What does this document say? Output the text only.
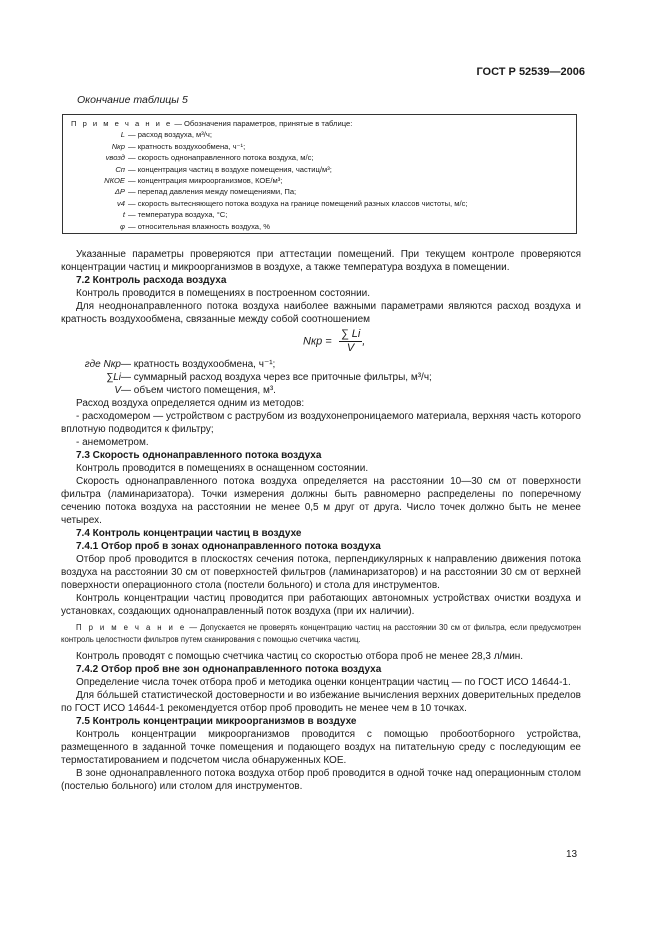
ГОСТ Р 52539—2006
Окончание таблицы 5
П р и м е ч а н и е — Обозначения параметров, принятые в таблице:
L — расход воздуха, м³/ч;
Nкр — кратность воздухообмена, ч⁻¹;
vвозд — скорость однонаправленного потока воздуха, м/с;
Cп — концентрация частиц в воздухе помещения, частиц/м³;
NКОЕ — концентрация микроорганизмов, КОЕ/м³;
ΔP — перепад давления между помещениями, Па;
v4 — скорость вытесняющего потока воздуха на границе помещений разных классов чистоты, м/с;
t — температура воздуха, °С;
φ — относительная влажность воздуха, %

Указанные параметры проверяются при аттестации помещений. При текущем контроле проверяются концентрации частиц и микроорганизмов в воздухе, а также температура воздуха в помещении.

7.2 Контроль расхода воздуха

Контроль проводится в помещениях в построенном состоянии.

Для неоднонаправленного потока воздуха наиболее важными параметрами являются расход воздуха и кратность воздухообмена, связанные между собой соотношением

Nкр = $\frac{\sum Li}{V}$ ,
где Nкр — кратность воздухообмена, ч⁻¹;
∑Li — суммарный расход воздуха через все приточные фильтры, м³/ч;
V — объем чистого помещения, м³.

Расход воздуха определяется одним из методов:

- расходомером — устройством с раструбом из воздухонепроницаемого материала, верхняя часть которого вплотную подводится к фильтру;

- анемометром.

7.3 Скорость однонаправленного потока воздуха

Контроль проводится в помещениях в оснащенном состоянии.

Скорость однонаправленного потока воздуха определяется на расстоянии 10—30 см от поверхности фильтра (ламинаризатора). Точки измерения должны быть равномерно распределены по поперечному сечению потока воздуха на расстоянии не менее 0,5 м друг от друга. Число точек должно быть не менее четырех.

7.4 Контроль концентрации частиц в воздухе

7.4.1 Отбор проб в зонах однонаправленного потока воздуха

Отбор проб проводится в плоскостях сечения потока, перпендикулярных к направлению движения потока воздуха на расстоянии 30 см от поверхностей фильтров (ламинаризаторов) и на расстоянии 30 см от верхней поверхности операционного стола (постели больного) и стола для инструментов.

Контроль концентрации частиц проводится при работающих автономных устройствах очистки воздуха и установках, создающих однонаправленный поток воздуха (при их наличии).

П р и м е ч а н и е — Допускается не проверять концентрацию частиц на расстоянии 30 см от фильтра, если предусмотрен контроль целостности фильтров путем сканирования с помощью счетчика частиц.

Контроль проводят с помощью счетчика частиц со скоростью отбора проб не менее 28,3 л/мин.

7.4.2 Отбор проб вне зон однонаправленного потока воздуха

Определение числа точек отбора проб и методика оценки концентрации частиц — по ГОСТ ИСО 14644-1.

Для бо́льшей статистической достоверности и во избежание вычисления верхних доверительных пределов по ГОСТ ИСО 14644-1 рекомендуется отбор проб проводить не менее чем в 10 точках.

7.5 Контроль концентрации микроорганизмов в воздухе

Контроль концентрации микроорганизмов проводится с помощью пробоотборного устройства, размещенного в заданной точке помещения и подающего воздух на питательную среду с последующим ее термостатированием и подсчетом числа обнаруженных КОЕ.

В зоне однонаправленного потока воздуха отбор проб проводится в одной точке над операционным столом (постелью больного) или столом для инструментов.

13
